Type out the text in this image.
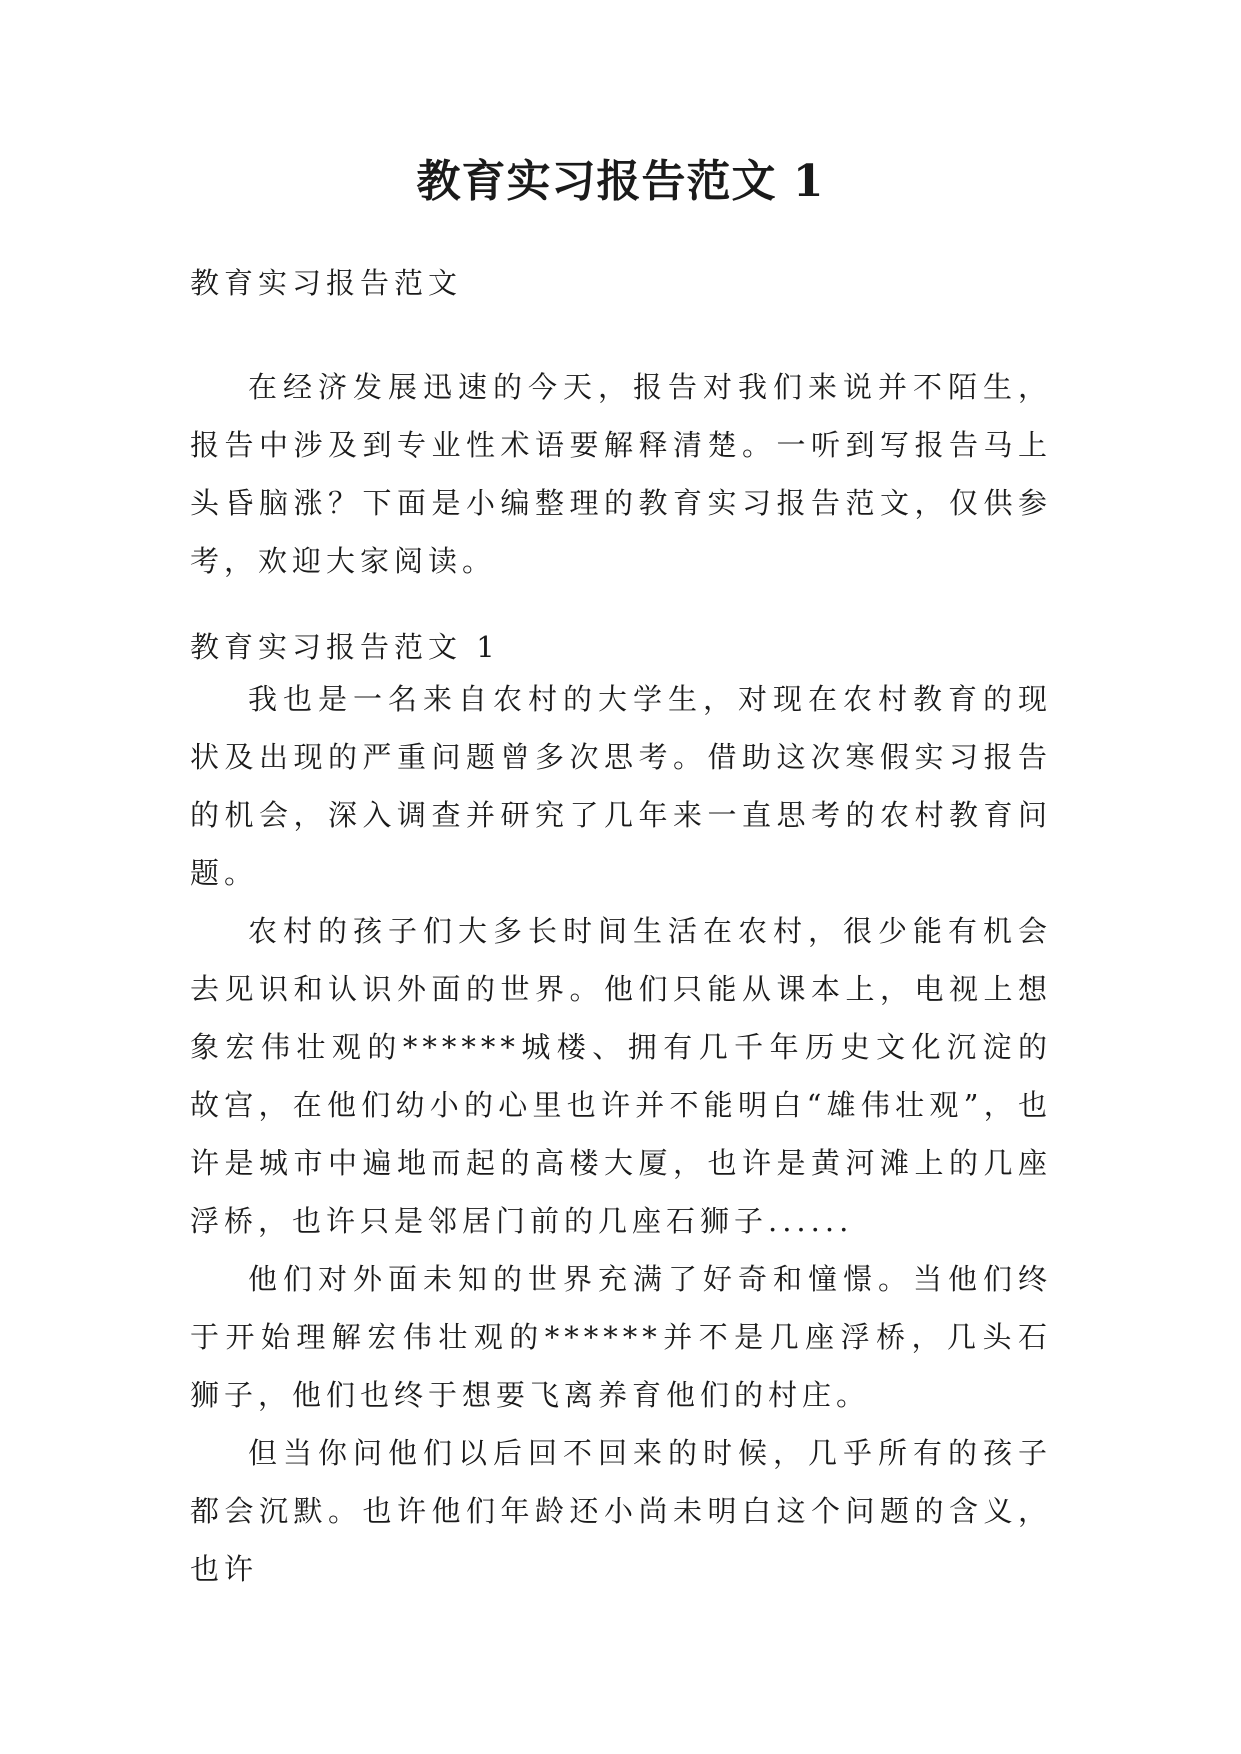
教育实习报告范文 1
教育实习报告范文

在经济发展迅速的今天，报告对我们来说并不陌生，报告中涉及到专业性术语要解释清楚。一听到写报告马上头昏脑涨？下面是小编整理的教育实习报告范文，仅供参考，欢迎大家阅读。

教育实习报告范文 1

我也是一名来自农村的大学生，对现在农村教育的现状及出现的严重问题曾多次思考。借助这次寒假实习报告的机会，深入调查并研究了几年来一直思考的农村教育问题。

农村的孩子们大多长时间生活在农村，很少能有机会去见识和认识外面的世界。他们只能从课本上，电视上想象宏伟壮观的******城楼、拥有几千年历史文化沉淀的故宫，在他们幼小的心里也许并不能明白“雄伟壮观”，也许是城市中遍地而起的高楼大厦，也许是黄河滩上的几座浮桥，也许只是邻居门前的几座石狮子......

他们对外面未知的世界充满了好奇和憧憬。当他们终于开始理解宏伟壮观的******并不是几座浮桥，几头石狮子，他们也终于想要飞离养育他们的村庄。

但当你问他们以后回不回来的时候，几乎所有的孩子都会沉默。也许他们年龄还小尚未明白这个问题的含义，也许
